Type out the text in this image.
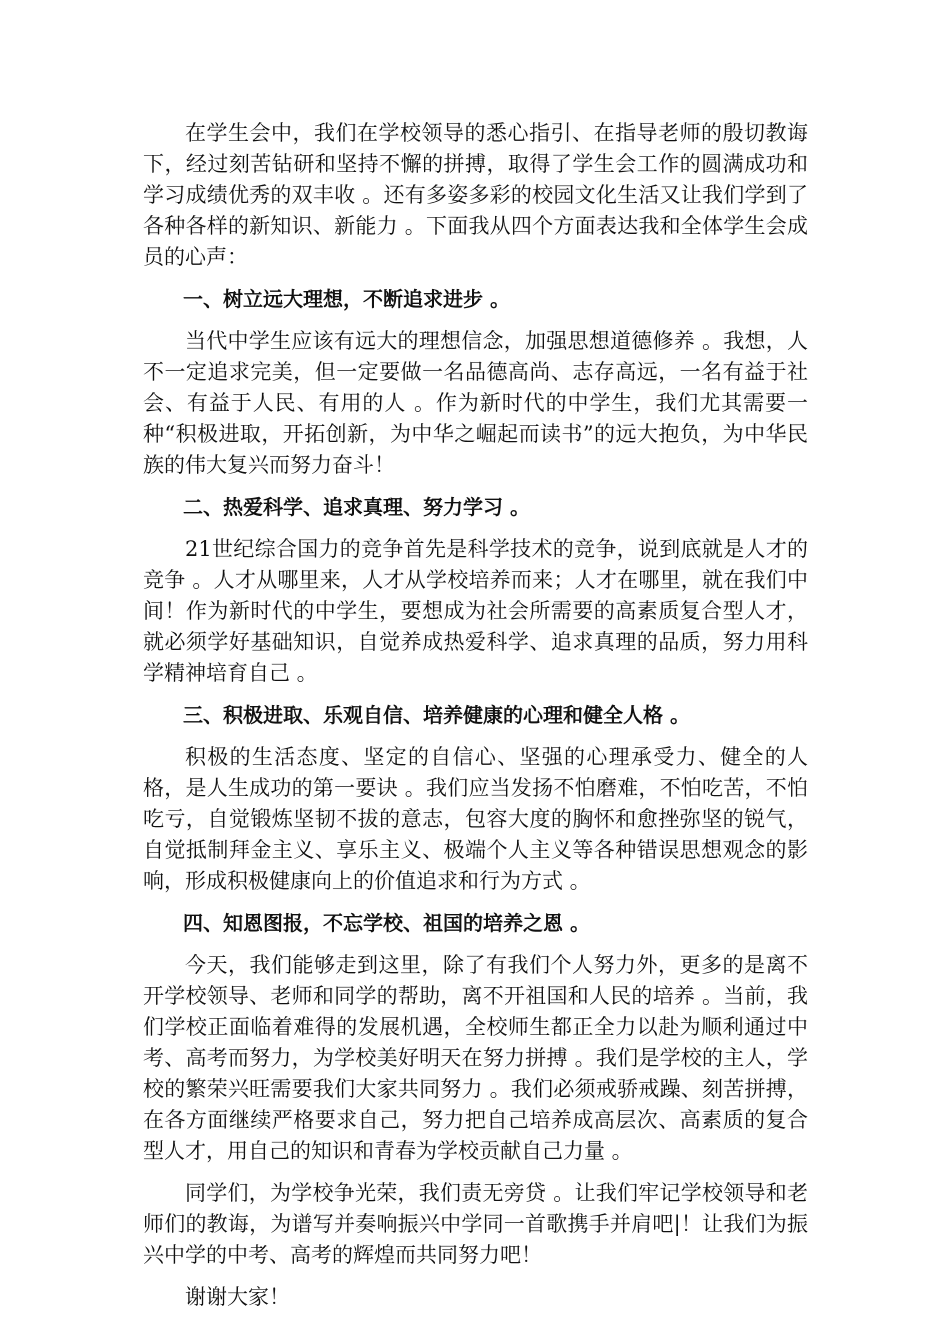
在学生会中，我们在学校领导的悉心指引、在指导老师的殷切教诲下，经过刻苦钻研和坚持不懈的拼搏，取得了学生会工作的圆满成功和学习成绩优秀的双丰收 。还有多姿多彩的校园文化生活又让我们学到了各种各样的新知识、新能力 。下面我从四个方面表达我和全体学生会成员的心声：

一、树立远大理想，不断追求进步 。

当代中学生应该有远大的理想信念，加强思想道德修养 。我想，人不一定追求完美，但一定要做一名品德高尚、志存高远，一名有益于社会、有益于人民、有用的人 。作为新时代的中学生，我们尤其需要一种“积极进取，开拓创新，为中华之崛起而读书”的远大抱负，为中华民族的伟大复兴而努力奋斗！

二、热爱科学、追求真理、努力学习 。

21世纪综合国力的竞争首先是科学技术的竞争，说到底就是人才的竞争 。人才从哪里来，人才从学校培养而来；人才在哪里，就在我们中间！作为新时代的中学生，要想成为社会所需要的高素质复合型人才，就必须学好基础知识，自觉养成热爱科学、追求真理的品质，努力用科学精神培育自己 。

三、积极进取、乐观自信、培养健康的心理和健全人格 。

积极的生活态度、坚定的自信心、坚强的心理承受力、健全的人格，是人生成功的第一要诀 。我们应当发扬不怕磨难，不怕吃苦，不怕吃亏，自觉锻炼坚韧不拔的意志，包容大度的胸怀和愈挫弥坚的锐气，自觉抵制拜金主义、享乐主义、极端个人主义等各种错误思想观念的影响，形成积极健康向上的价值追求和行为方式 。

四、知恩图报，不忘学校、祖国的培养之恩 。

今天，我们能够走到这里，除了有我们个人努力外，更多的是离不开学校领导、老师和同学的帮助，离不开祖国和人民的培养 。当前，我们学校正面临着难得的发展机遇，全校师生都正全力以赴为顺利通过中考、高考而努力，为学校美好明天在努力拼搏 。我们是学校的主人，学校的繁荣兴旺需要我们大家共同努力 。我们必须戒骄戒躁、刻苦拼搏，在各方面继续严格要求自己，努力把自己培养成高层次、高素质的复合型人才，用自己的知识和青春为学校贡献自己力量 。

同学们，为学校争光荣，我们责无旁贷 。让我们牢记学校领导和老师们的教诲，为谱写并奏响振兴中学同一首歌携手并肩吧|！让我们为振兴中学的中考、高考的辉煌而共同努力吧！

谢谢大家！
